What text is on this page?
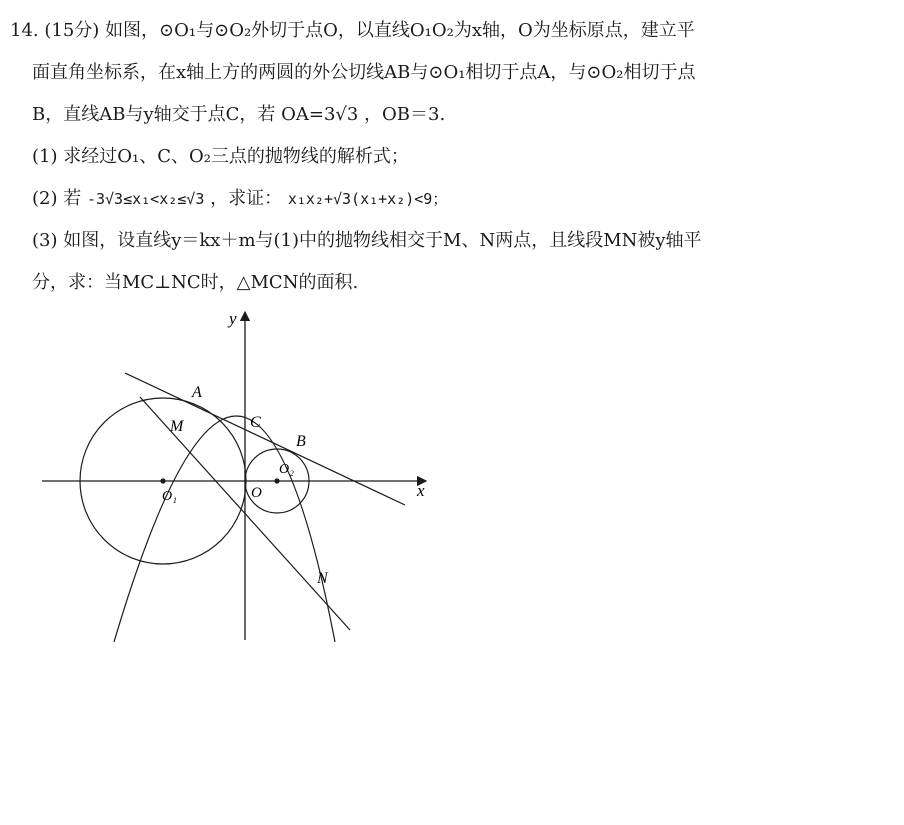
14. (15分) 如图，⊙O₁与⊙O₂外切于点O，以直线O₁O₂为x轴，O为坐标原点，建立平
面直角坐标系，在x轴上方的两圆的外公切线AB与⊙O₁相切于点A，与⊙O₂相切于点
B，直线AB与y轴交于点C，若 OA=3√3 ，OB＝3.
(1) 求经过O₁、C、O₂三点的抛物线的解析式；
(2) 若 -3√3≤x₁<x₂≤√3 ，求证： x₁x₂+√3(x₁+x₂)<9；
(3) 如图，设直线y＝kx＋m与(1)中的抛物线相交于M、N两点，且线段MN被y轴平
分，求：当MC⊥NC时，△MCN的面积.
y
x
A
B
C
M
N
O
O₁
O₂
